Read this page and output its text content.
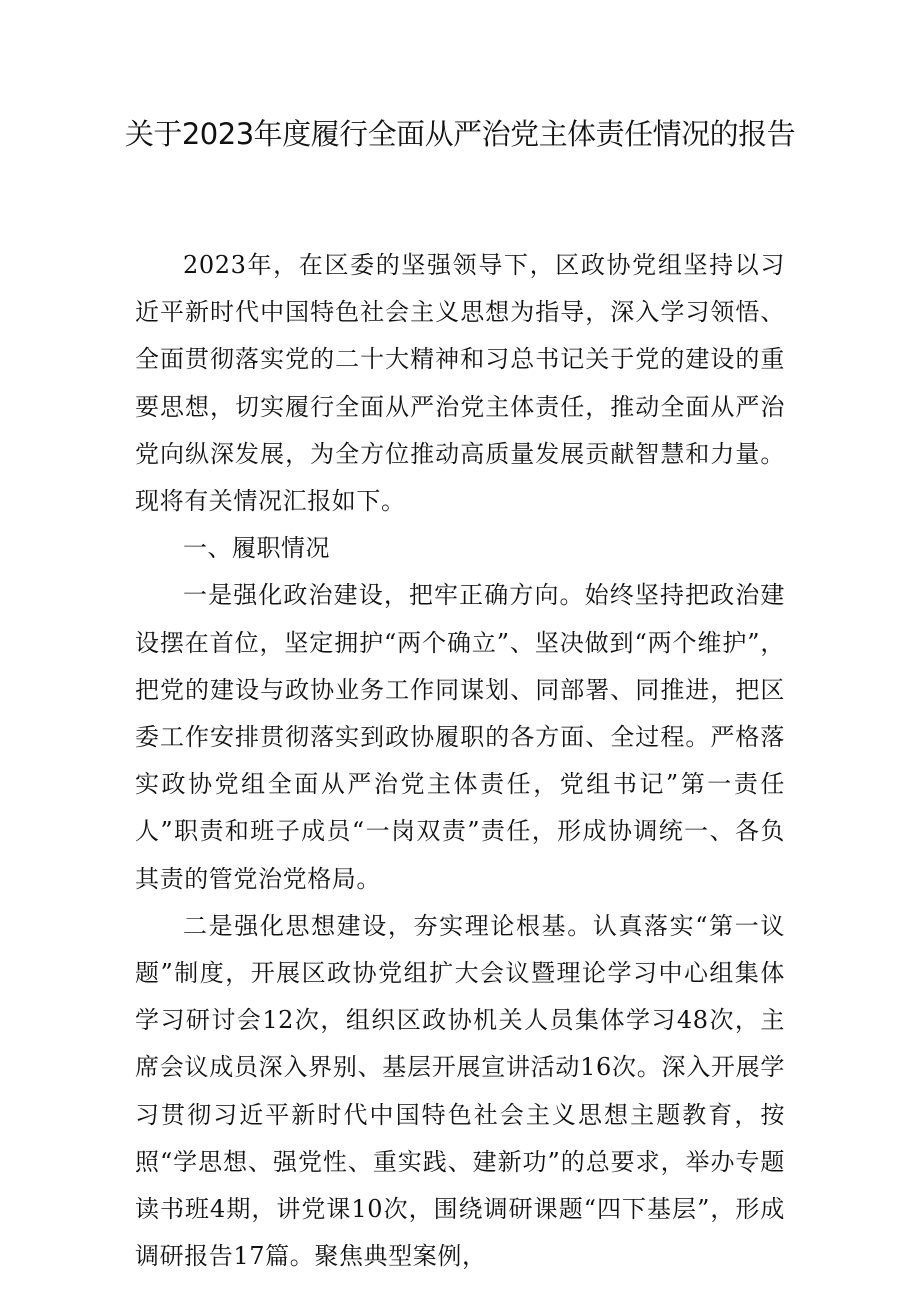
关于2023年度履行全面从严治党主体责任情况的报告

2023年，在区委的坚强领导下，区政协党组坚持以习近平新时代中国特色社会主义思想为指导，深入学习领悟、全面贯彻落实党的二十大精神和习总书记关于党的建设的重要思想，切实履行全面从严治党主体责任，推动全面从严治党向纵深发展，为全方位推动高质量发展贡献智慧和力量。现将有关情况汇报如下。

一、履职情况

一是强化政治建设，把牢正确方向。始终坚持把政治建设摆在首位，坚定拥护“两个确立”、坚决做到“两个维护”，把党的建设与政协业务工作同谋划、同部署、同推进，把区委工作安排贯彻落实到政协履职的各方面、全过程。严格落实政协党组全面从严治党主体责任，党组书记”第一责任人”职责和班子成员“一岗双责”责任，形成协调统一、各负其责的管党治党格局。

二是强化思想建设，夯实理论根基。认真落实“第一议题”制度，开展区政协党组扩大会议暨理论学习中心组集体学习研讨会12次，组织区政协机关人员集体学习48次，主席会议成员深入界别、基层开展宣讲活动16次。深入开展学习贯彻习近平新时代中国特色社会主义思想主题教育，按照“学思想、强党性、重实践、建新功”的总要求，举办专题读书班4期，讲党课10次，围绕调研课题“四下基层”，形成调研报告17篇。聚焦典型案例，
